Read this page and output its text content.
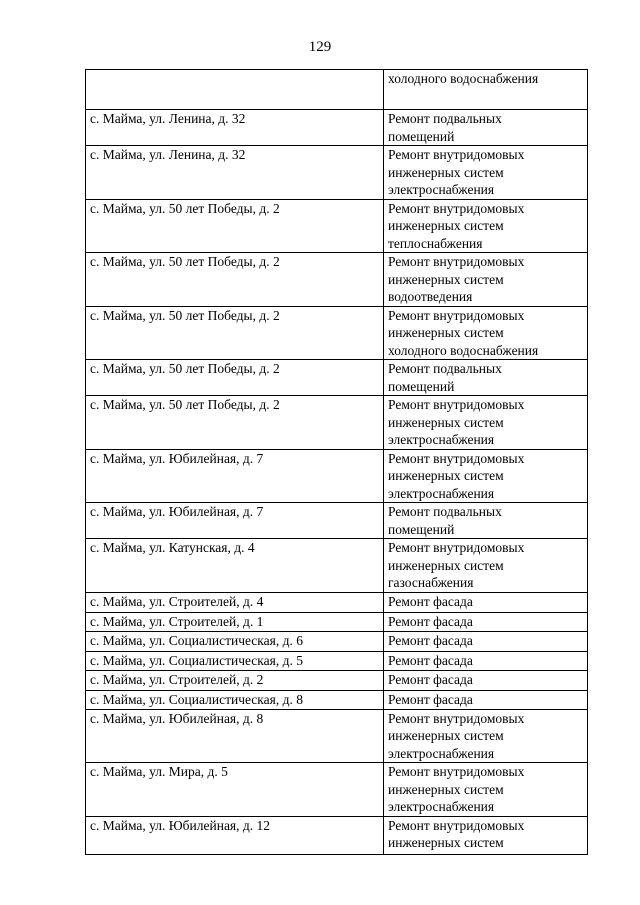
129
	холодного водоснабжения
с. Майма, ул. Ленина, д. 32	Ремонт подвальных
помещений
с. Майма, ул. Ленина, д. 32	Ремонт внутридомовых
инженерных систем
электроснабжения
с. Майма, ул. 50 лет Победы, д. 2	Ремонт внутридомовых
инженерных систем
теплоснабжения
с. Майма, ул. 50 лет Победы, д. 2	Ремонт внутридомовых
инженерных систем
водоотведения
с. Майма, ул. 50 лет Победы, д. 2	Ремонт внутридомовых
инженерных систем
холодного водоснабжения
с. Майма, ул. 50 лет Победы, д. 2	Ремонт подвальных
помещений
с. Майма, ул. 50 лет Победы, д. 2	Ремонт внутридомовых
инженерных систем
электроснабжения
с. Майма, ул. Юбилейная, д. 7	Ремонт внутридомовых
инженерных систем
электроснабжения
с. Майма, ул. Юбилейная, д. 7	Ремонт подвальных
помещений
с. Майма, ул. Катунская, д. 4	Ремонт внутридомовых
инженерных систем
газоснабжения
с. Майма, ул. Строителей, д. 4	Ремонт фасада
с. Майма, ул. Строителей, д. 1	Ремонт фасада
с. Майма, ул. Социалистическая, д. 6	Ремонт фасада
с. Майма, ул. Социалистическая, д. 5	Ремонт фасада
с. Майма, ул. Строителей, д. 2	Ремонт фасада
с. Майма, ул. Социалистическая, д. 8	Ремонт фасада
с. Майма, ул. Юбилейная, д. 8	Ремонт внутридомовых
инженерных систем
электроснабжения
с. Майма, ул. Мира, д. 5	Ремонт внутридомовых
инженерных систем
электроснабжения
с. Майма, ул. Юбилейная, д. 12	Ремонт внутридомовых
инженерных систем
